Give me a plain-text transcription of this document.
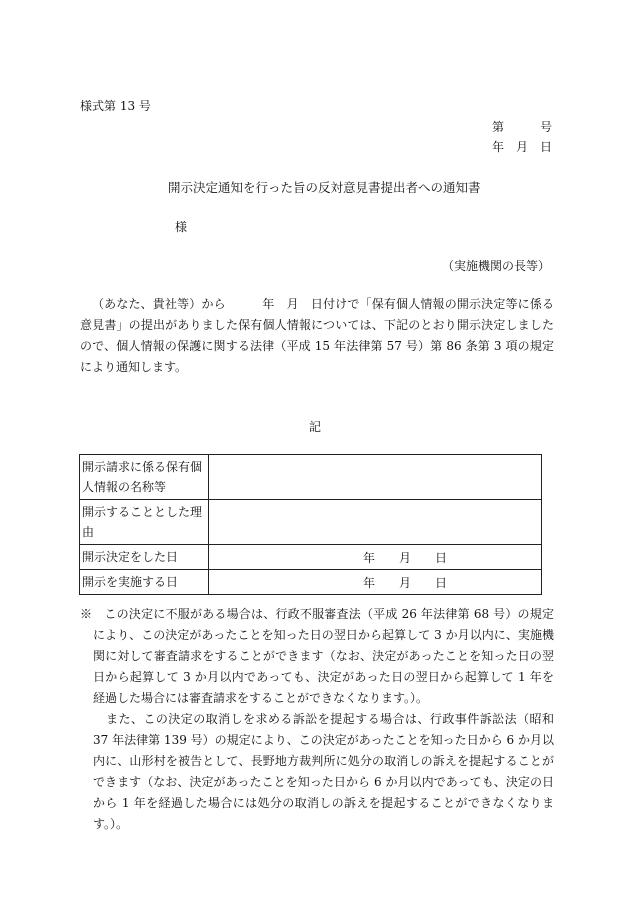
様式第 13 号
第　　　号
年　月　日
開示決定通知を行った旨の反対意見書提出者への通知書
様
（実施機関の長等）

（あなた、貴社等）から　　　年　月　日付けで「保有個人情報の開示決定等に係る意見書」の提出がありました保有個人情報については、下記のとおり開示決定しましたので、個人情報の保護に関する法律（平成 15 年法律第 57 号）第 86 条第 3 項の規定により通知します。

記
開示請求に係る保有個人情報の名称等	
開示することとした理由	
開示決定をした日	年　　月　　日
開示を実施する日	年　　月　　日

※　この決定に不服がある場合は、行政不服審査法（平成 26 年法律第 68 号）の規定により、この決定があったことを知った日の翌日から起算して 3 か月以内に、実施機関に対して審査請求をすることができます（なお、決定があったことを知った日の翌日から起算して 3 か月以内であっても、決定があった日の翌日から起算して 1 年を経過した場合には審査請求をすることができなくなります。）。

また、この決定の取消しを求める訴訟を提起する場合は、行政事件訴訟法（昭和 37 年法律第 139 号）の規定により、この決定があったことを知った日から 6 か月以内に、山形村を被告として、長野地方裁判所に処分の取消しの訴えを提起することができます（なお、決定があったことを知った日から 6 か月以内であっても、決定の日から 1 年を経過した場合には処分の取消しの訴えを提起することができなくなります。）。
